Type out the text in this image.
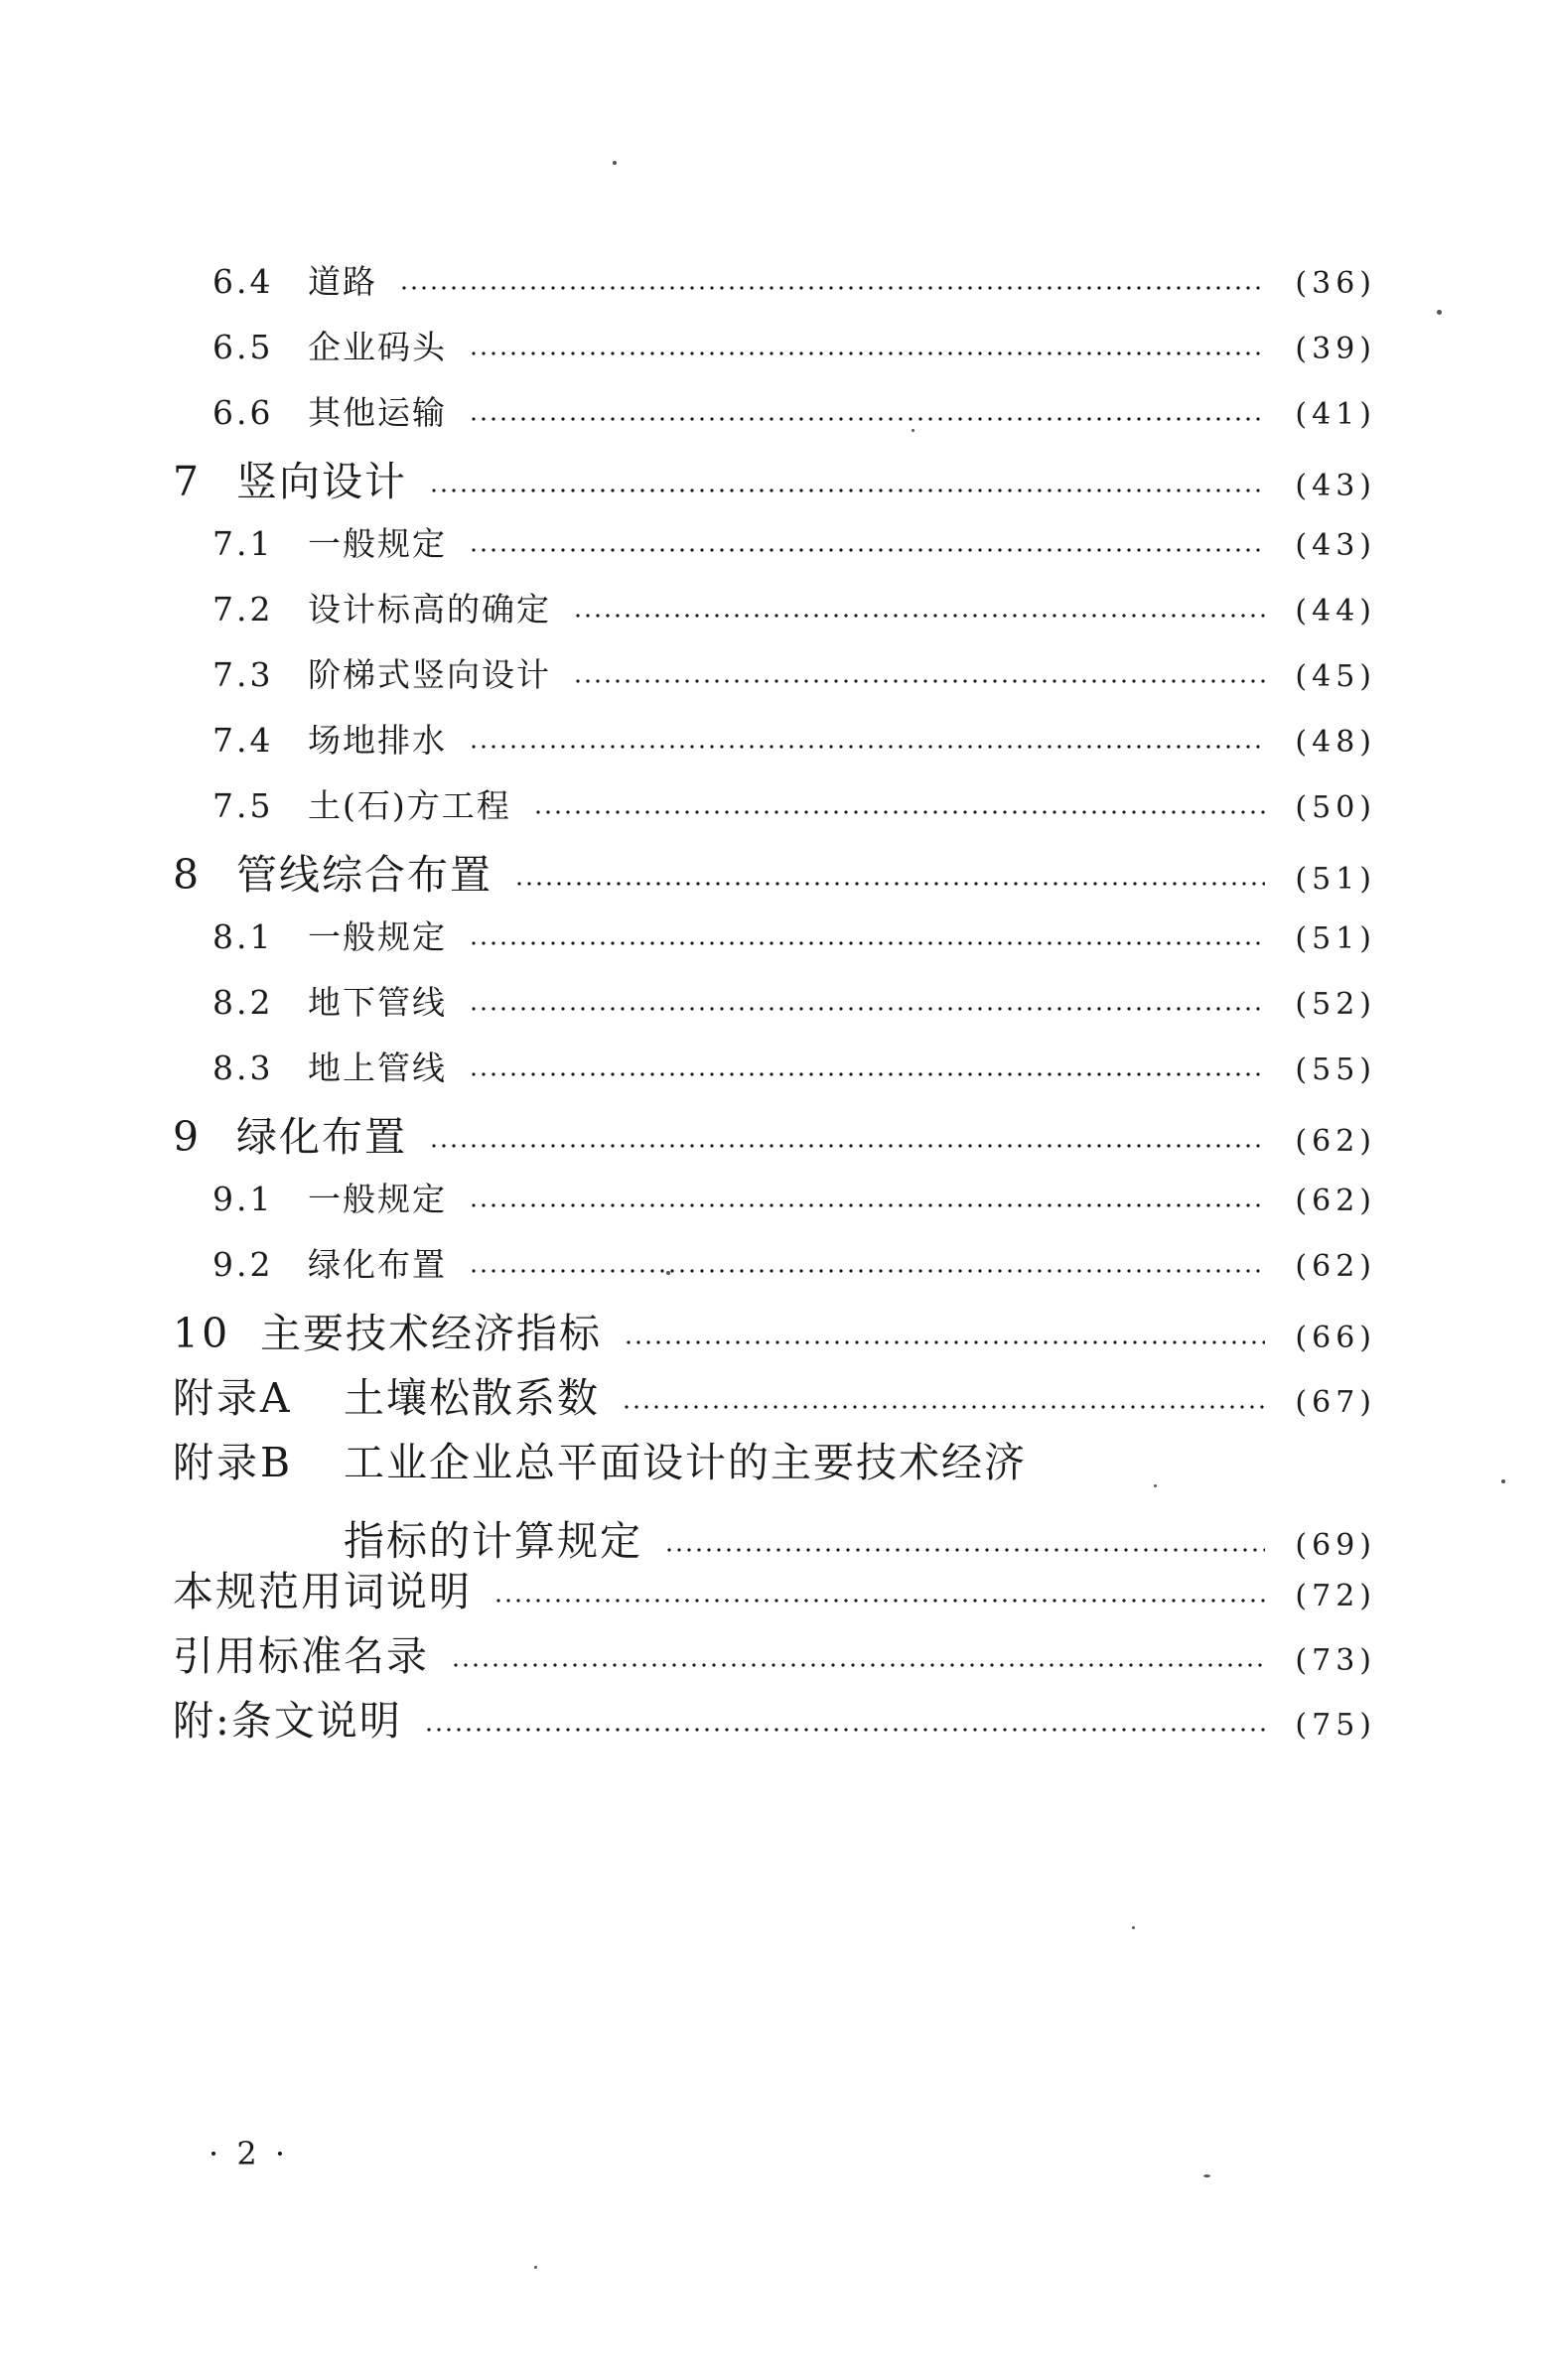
6.4	道路	(36)
6.5	企业码头	(39)
6.6	其他运输	(41)
7 竖向设计	(43)
7.1	一般规定	(43)
7.2	设计标高的确定	(44)
7.3	阶梯式竖向设计	(45)
7.4	场地排水	(48)
7.5	土(石)方工程	(50)
8 管线综合布置	(51)
8.1	一般规定	(51)
8.2	地下管线	(52)
8.3	地上管线	(55)
9 绿化布置	(62)
9.1	一般规定	(62)
9.2	绿化布置	(62)
10 主要技术经济指标	(66)
附录A	土壤松散系数	(67)
附录B 工业企业总平面设计的主要技术经济
指标的计算规定	(69)
本规范用词说明	(72)
引用标准名录	(73)
附:条文说明	(75)
· 2 ·
